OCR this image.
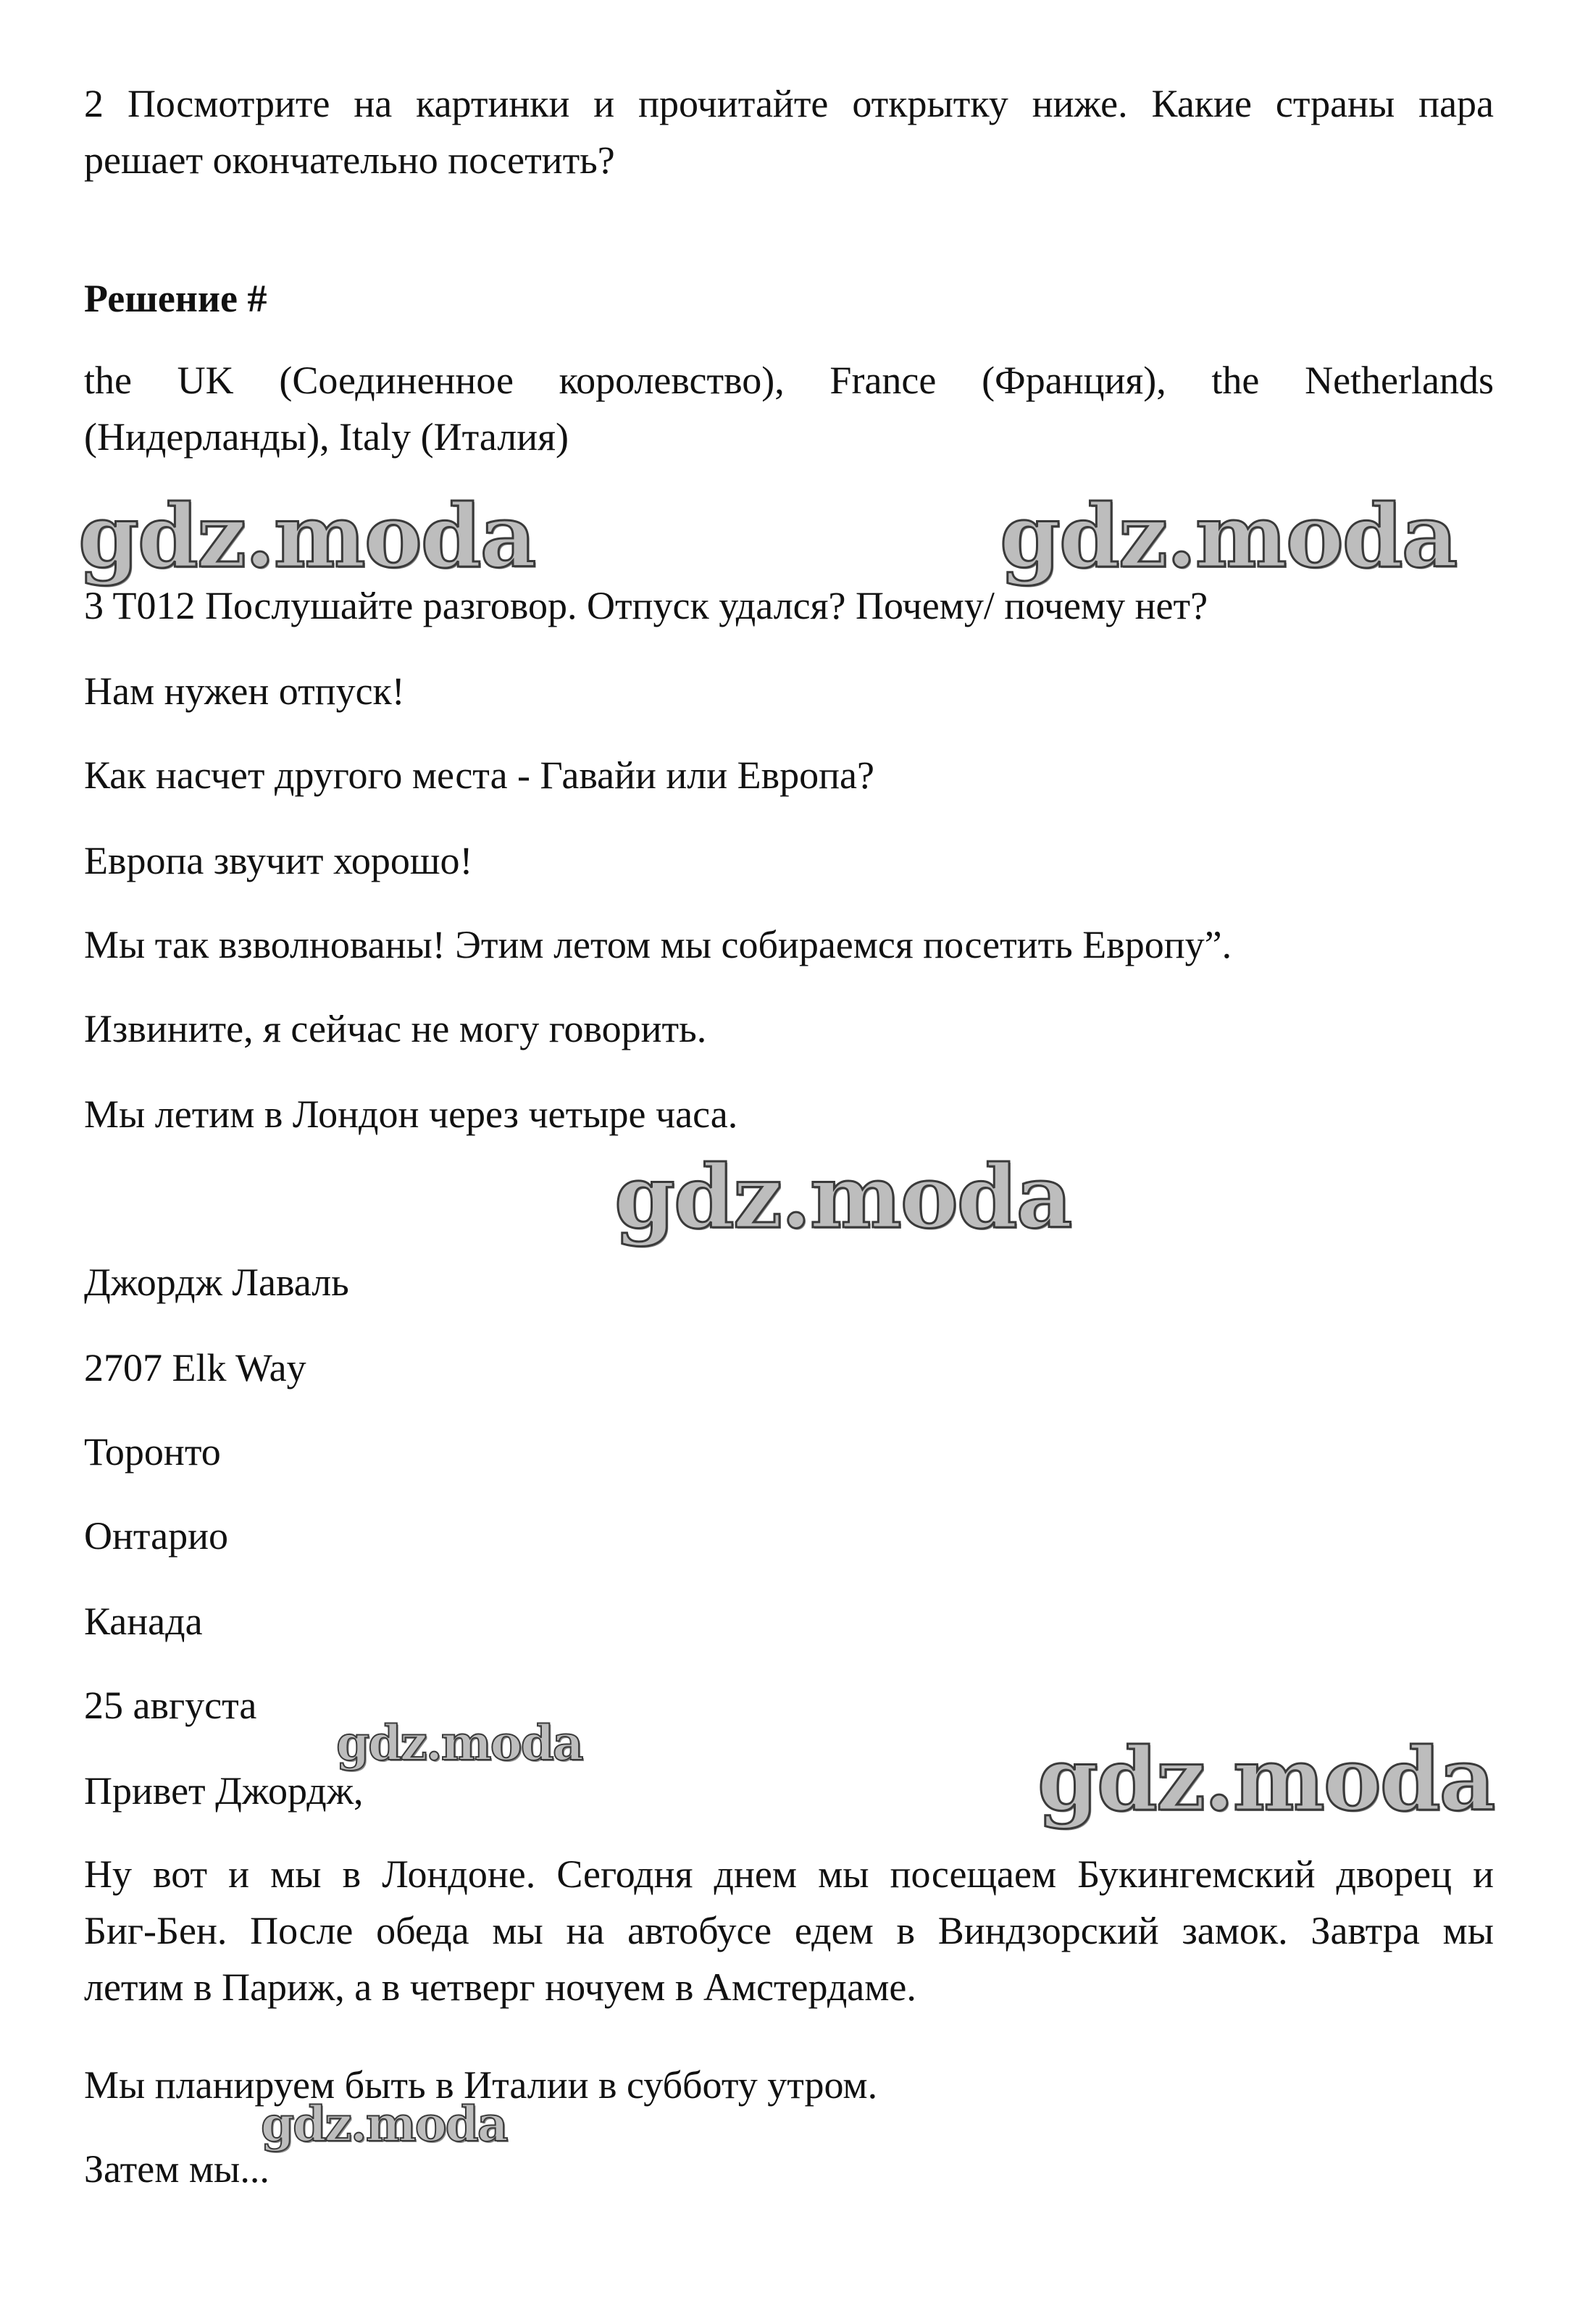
2 Посмотрите на картинки и прочитайте открытку ниже. Какие страны пара
решает окончательно посетить?
Решение #
the UK (Соединенное королевство), France (Франция), the Netherlands
(Нидерланды), Italy (Италия)
gdz.moda	gdz.moda
3 T012 Послушайте разговор. Отпуск удался? Почему/ почему нет?
Нам нужен отпуск!
Как насчет другого места - Гавайи или Европа?
Европа звучит хорошо!
Мы так взволнованы! Этим летом мы собираемся посетить Европу”.
Извините, я сейчас не могу говорить.
Мы летим в Лондон через четыре часа.
gdz.moda
Джордж Лаваль
2707 Elk Way
Торонто
Онтарио
Канада
25 августа
gdz.moda	gdz.moda
Привет Джордж,
Ну вот и мы в Лондоне. Сегодня днем мы посещаем Букингемский дворец и
Биг-Бен. После обеда мы на автобусе едем в Виндзорский замок. Завтра мы
летим в Париж, а в четверг ночуем в Амстердаме.
Мы планируем быть в Италии в субботу утром.
gdz.moda
Затем мы...
